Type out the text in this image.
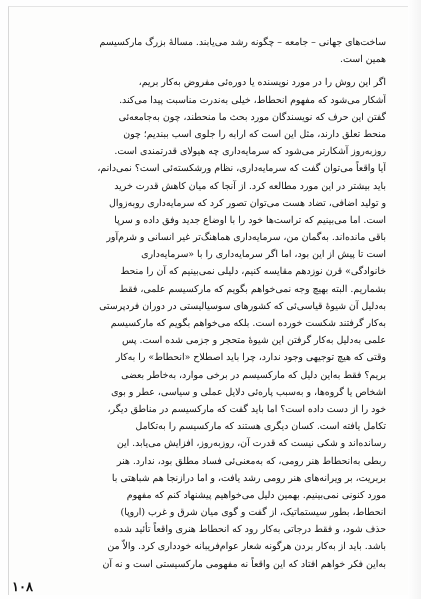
ساخت‌های جهانی – جامعه – چگونه رشد می‌یابند. مسالهٔ بزرگ مارکسیسم
همین است.
اگر این روش را در مورد نویسنده یا دوره‌ئی مفروض به‌کار بریم،
آشکار می‌شود که مفهوم انحطاط، خیلی به‌ندرت مناسبت پیدا می‌کند.
گفتن این حرف که نویسندگان مورد بحث ما منحطند، چون به‌جامعه‌ئی
منحط تعلق دارند، مثل این است که ارابه را جلوی اسب ببندیم؛ چون
روزبه‌روز آشکارتر می‌شود که سرمایه‌داری چه هیولای قدرتمندی است.
آیا واقعاً می‌توان گفت که سرمایه‌داری، نظام ورشکسته‌ئی است؟ نمی‌دانم،
باید بیشتر در این مورد مطالعه کرد. از آنجا که میان کاهش قدرت خرید
و تولید اضافی، تضاد هست می‌توان تصور کرد که سرمایه‌داری رو‌به‌زوال
است. اما می‌بینیم که تراست‌ها خود را با اوضاع جدید وفق داده و سرپا
باقی مانده‌اند. به‌گمان من، سرمایه‌داری هماهنگ‌تر غیر انسانی و شرم‌آور
است تا پیش از این بود، اما اگر سرمایه‌داری را با «سرمایه‌داری
خانوادگی» قرن نوزدهم مقایسه کنیم، دلیلی نمی‌بینیم که آن را منحط
بشماریم. البته بهیچ وجه نمی‌خواهم بگویم که مارکسیسم علمی، فقط
به‌دلیل آن شیوهٔ قیاسی‌ئی که کشورهای سوسیالیستی در دوران فردپرستی
به‌کار گرفتند شکست خورده است. بلکه می‌خواهم بگویم که مارکسیسم
علمی به‌دلیل به‌کار گرفتن این شیوهٔ متحجر و جزمی شده است. پس
وقتی که هیچ توجیهی وجود ندارد، چرا باید اصطلاح «انحطاط» را به‌کار
بریم؟ فقط به‌این دلیل که مارکسیسم در برخی موارد، به‌خاطر بعضی
اشخاص یا گروه‌ها، و به‌سبب پاره‌ئی دلایل عملی و سیاسی، عطر و بوی
خود را از دست داده است؟ اما باید گفت که مارکسیسم در مناطق دیگر،
تکامل یافته است. کسان دیگری هستند که مارکسیسم را به‌تکامل
رسانده‌اند و شکی نیست که قدرت آن، روزبه‌روز، افزایش می‌یابد. این
ربطی به‌انحطاط هنر رومی، که به‌معنی‌ئی فساد مطلق بود، ندارد. هنر
بربریت، بر ویرانه‌های هنر رومی رشد یافت، و اما درازنجا هم شباهتی با
مورد کنونی نمی‌بینیم. بهمین دلیل می‌خواهیم پیشنهاد کنم که مفهوم
انحطاط، بطور سیستماتیک، از گفت و گوی میان شرق و غرب (اروپا)
حذف شود، و فقط درجاتی به‌کار رود که انحطاط هنری واقعاً تأئید شده
باشد. باید از به‌کار بردن هرگونه شعار عوام‌فریبانه خودداری کرد. والاّ من
به‌این فکر خواهم افتاد که این واقعاً نه مفهومی مارکسیستی است و نه آن
۱۰۸
